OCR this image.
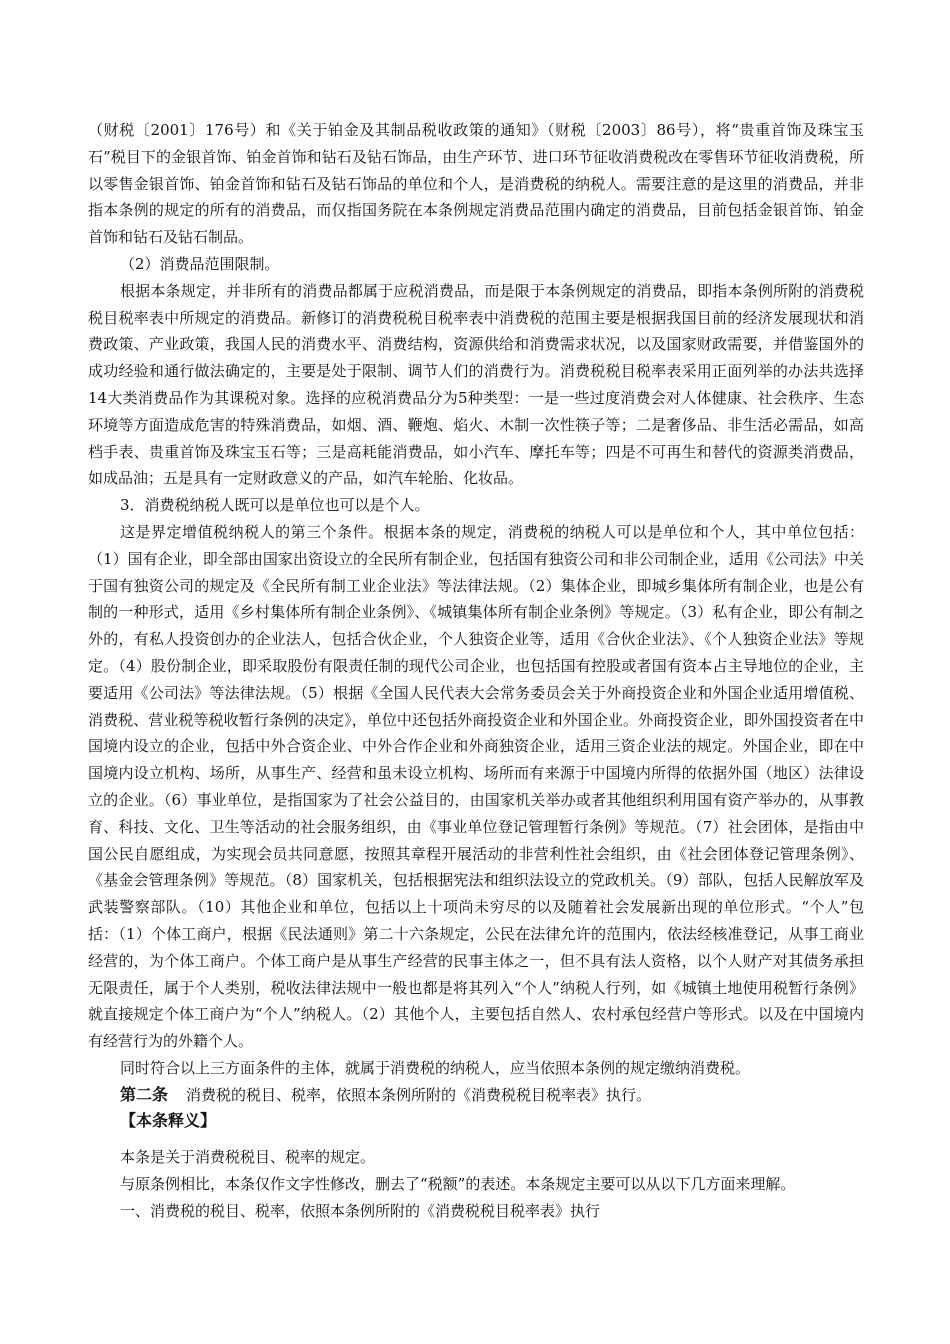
（财税〔2001〕176号）和《关于铂金及其制品税收政策的通知》（财税〔2003〕86号），将“贵重首饰及珠宝玉石”税目下的金银首饰、铂金首饰和钻石及钻石饰品，由生产环节、进口环节征收消费税改在零售环节征收消费税，所以零售金银首饰、铂金首饰和钻石及钻石饰品的单位和个人，是消费税的纳税人。需要注意的是这里的消费品，并非指本条例的规定的所有的消费品，而仅指国务院在本条例规定消费品范围内确定的消费品，目前包括金银首饰、铂金首饰和钻石及钻石制品。

（2）消费品范围限制。

根据本条规定，并非所有的消费品都属于应税消费品，而是限于本条例规定的消费品，即指本条例所附的消费税税目税率表中所规定的消费品。新修订的消费税税目税率表中消费税的范围主要是根据我国目前的经济发展现状和消费政策、产业政策，我国人民的消费水平、消费结构，资源供给和消费需求状况，以及国家财政需要，并借鉴国外的成功经验和通行做法确定的，主要是处于限制、调节人们的消费行为。消费税税目税率表采用正面列举的办法共选择14大类消费品作为其课税对象。选择的应税消费品分为5种类型：一是一些过度消费会对人体健康、社会秩序、生态环境等方面造成危害的特殊消费品，如烟、酒、鞭炮、焰火、木制一次性筷子等；二是奢侈品、非生活必需品，如高档手表、贵重首饰及珠宝玉石等；三是高耗能消费品，如小汽车、摩托车等；四是不可再生和替代的资源类消费品，如成品油；五是具有一定财政意义的产品，如汽车轮胎、化妆品。

3．消费税纳税人既可以是单位也可以是个人。

这是界定增值税纳税人的第三个条件。根据本条的规定，消费税的纳税人可以是单位和个人，其中单位包括：（1）国有企业，即全部由国家出资设立的全民所有制企业，包括国有独资公司和非公司制企业，适用《公司法》中关于国有独资公司的规定及《全民所有制工业企业法》等法律法规。（2）集体企业，即城乡集体所有制企业，也是公有制的一种形式，适用《乡村集体所有制企业条例》、《城镇集体所有制企业条例》等规定。（3）私有企业，即公有制之外的，有私人投资创办的企业法人，包括合伙企业，个人独资企业等，适用《合伙企业法》、《个人独资企业法》等规定。（4）股份制企业，即采取股份有限责任制的现代公司企业，也包括国有控股或者国有资本占主导地位的企业，主要适用《公司法》等法律法规。（5）根据《全国人民代表大会常务委员会关于外商投资企业和外国企业适用增值税、消费税、营业税等税收暂行条例的决定》，单位中还包括外商投资企业和外国企业。外商投资企业，即外国投资者在中国境内设立的企业，包括中外合资企业、中外合作企业和外商独资企业，适用三资企业法的规定。外国企业，即在中国境内设立机构、场所，从事生产、经营和虽未设立机构、场所而有来源于中国境内所得的依据外国（地区）法律设立的企业。（6）事业单位，是指国家为了社会公益目的，由国家机关举办或者其他组织利用国有资产举办的，从事教育、科技、文化、卫生等活动的社会服务组织，由《事业单位登记管理暂行条例》等规范。（7）社会团体，是指由中国公民自愿组成，为实现会员共同意愿，按照其章程开展活动的非营利性社会组织，由《社会团体登记管理条例》、《基金会管理条例》等规范。（8）国家机关，包括根据宪法和组织法设立的党政机关。（9）部队，包括人民解放军及武装警察部队。（10）其他企业和单位，包括以上十项尚未穷尽的以及随着社会发展新出现的单位形式。“个人”包括：（1）个体工商户，根据《民法通则》第二十六条规定，公民在法律允许的范围内，依法经核准登记，从事工商业经营的，为个体工商户。个体工商户是从事生产经营的民事主体之一，但不具有法人资格，以个人财产对其债务承担无限责任，属于个人类别，税收法律法规中一般也都是将其列入“个人”纳税人行列，如《城镇土地使用税暂行条例》就直接规定个体工商户为“个人”纳税人。（2）其他个人，主要包括自然人、农村承包经营户等形式。以及在中国境内有经营行为的外籍个人。

同时符合以上三方面条件的主体，就属于消费税的纳税人，应当依照本条例的规定缴纳消费税。

第二条 消费税的税目、税率，依照本条例所附的《消费税税目税率表》执行。

【本条释义】

本条是关于消费税税目、税率的规定。

与原条例相比，本条仅作文字性修改，删去了“税额”的表述。本条规定主要可以从以下几方面来理解。

一、消费税的税目、税率，依照本条例所附的《消费税税目税率表》执行
